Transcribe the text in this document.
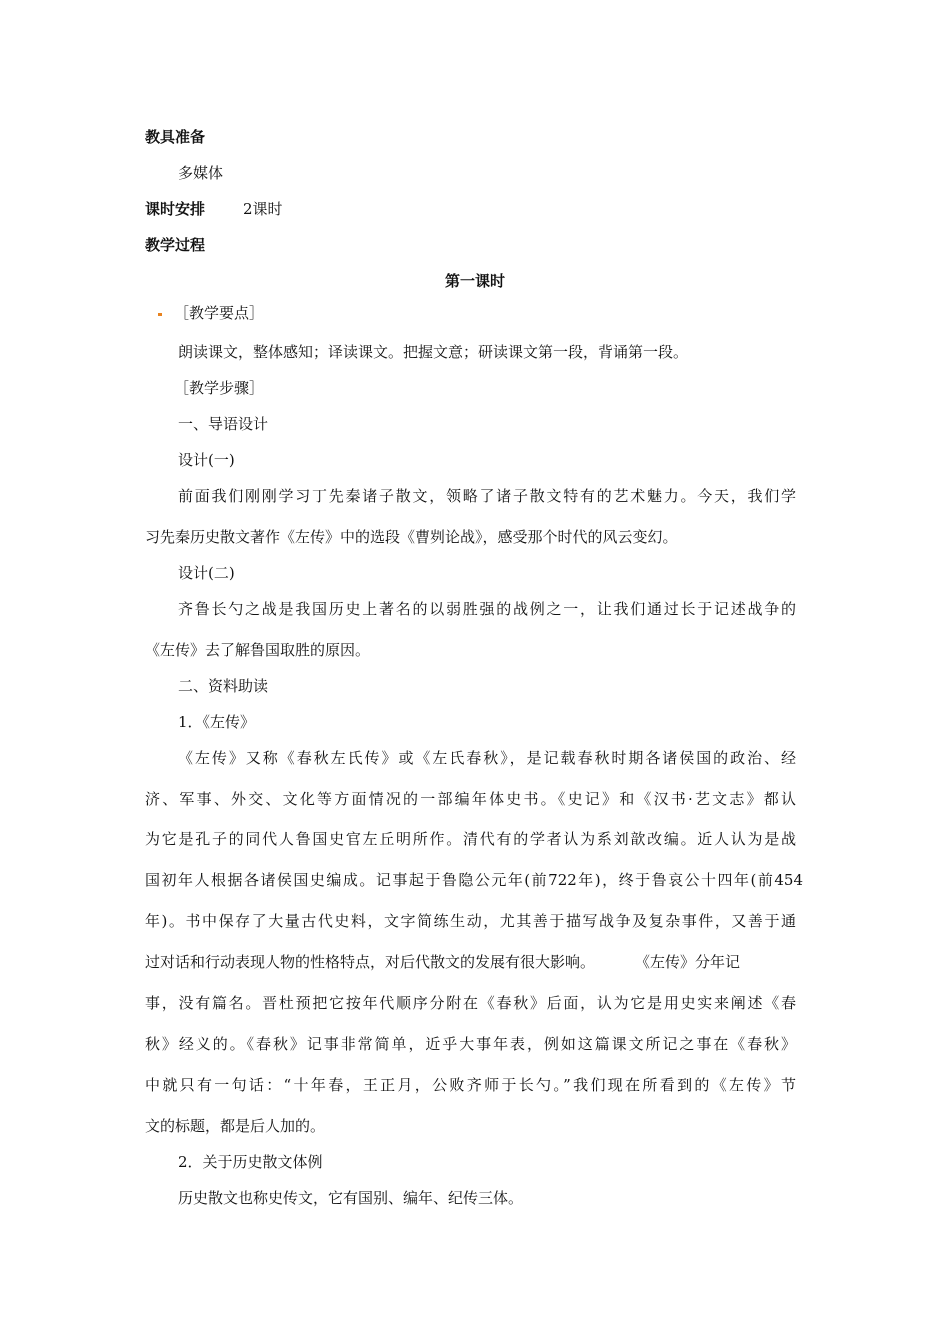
教具准备
多媒体
课时安排	2课时
教学过程
第一课时
［教学要点］
朗读课文，整体感知；译读课文。把握文意；研读课文第一段，背诵第一段。
［教学步骤］
一、导语设计
设计(一)
前面我们刚刚学习丁先秦诸子散文，领略了诸子散文特有的艺术魅力。今天，我们学
习先秦历史散文著作《左传》中的选段《曹刿论战》，感受那个时代的风云变幻。
设计(二)
齐鲁长勺之战是我国历史上著名的以弱胜强的战例之一，让我们通过长于记述战争的
《左传》去了解鲁国取胜的原因。
二、资料助读
1．《左传》
《左传》又称《春秋左氏传》或《左氏春秋》，是记载春秋时期各诸侯国的政治、经
济、军事、外交、文化等方面情况的一部编年体史书。《史记》和《汉书·艺文志》都认
为它是孔子的同代人鲁国史官左丘明所作。清代有的学者认为系刘歆改编。近人认为是战
国初年人根据各诸侯国史编成。记事起于鲁隐公元年(前722年)，终于鲁哀公十四年(前454
年)。书中保存了大量古代史料，文字简练生动，尤其善于描写战争及复杂事件，又善于通
过对话和行动表现人物的性格特点，对后代散文的发展有很大影响。	《左传》分年记
事，没有篇名。晋杜预把它按年代顺序分附在《春秋》后面，认为它是用史实来阐述《春
秋》经义的。《春秋》记事非常简单，近乎大事年表，例如这篇课文所记之事在《春秋》
中就只有一句话：“十年春，王正月，公败齐师于长勺。”我们现在所看到的《左传》节
文的标题，都是后人加的。
2．关于历史散文体例
历史散文也称史传文，它有国别、编年、纪传三体。
